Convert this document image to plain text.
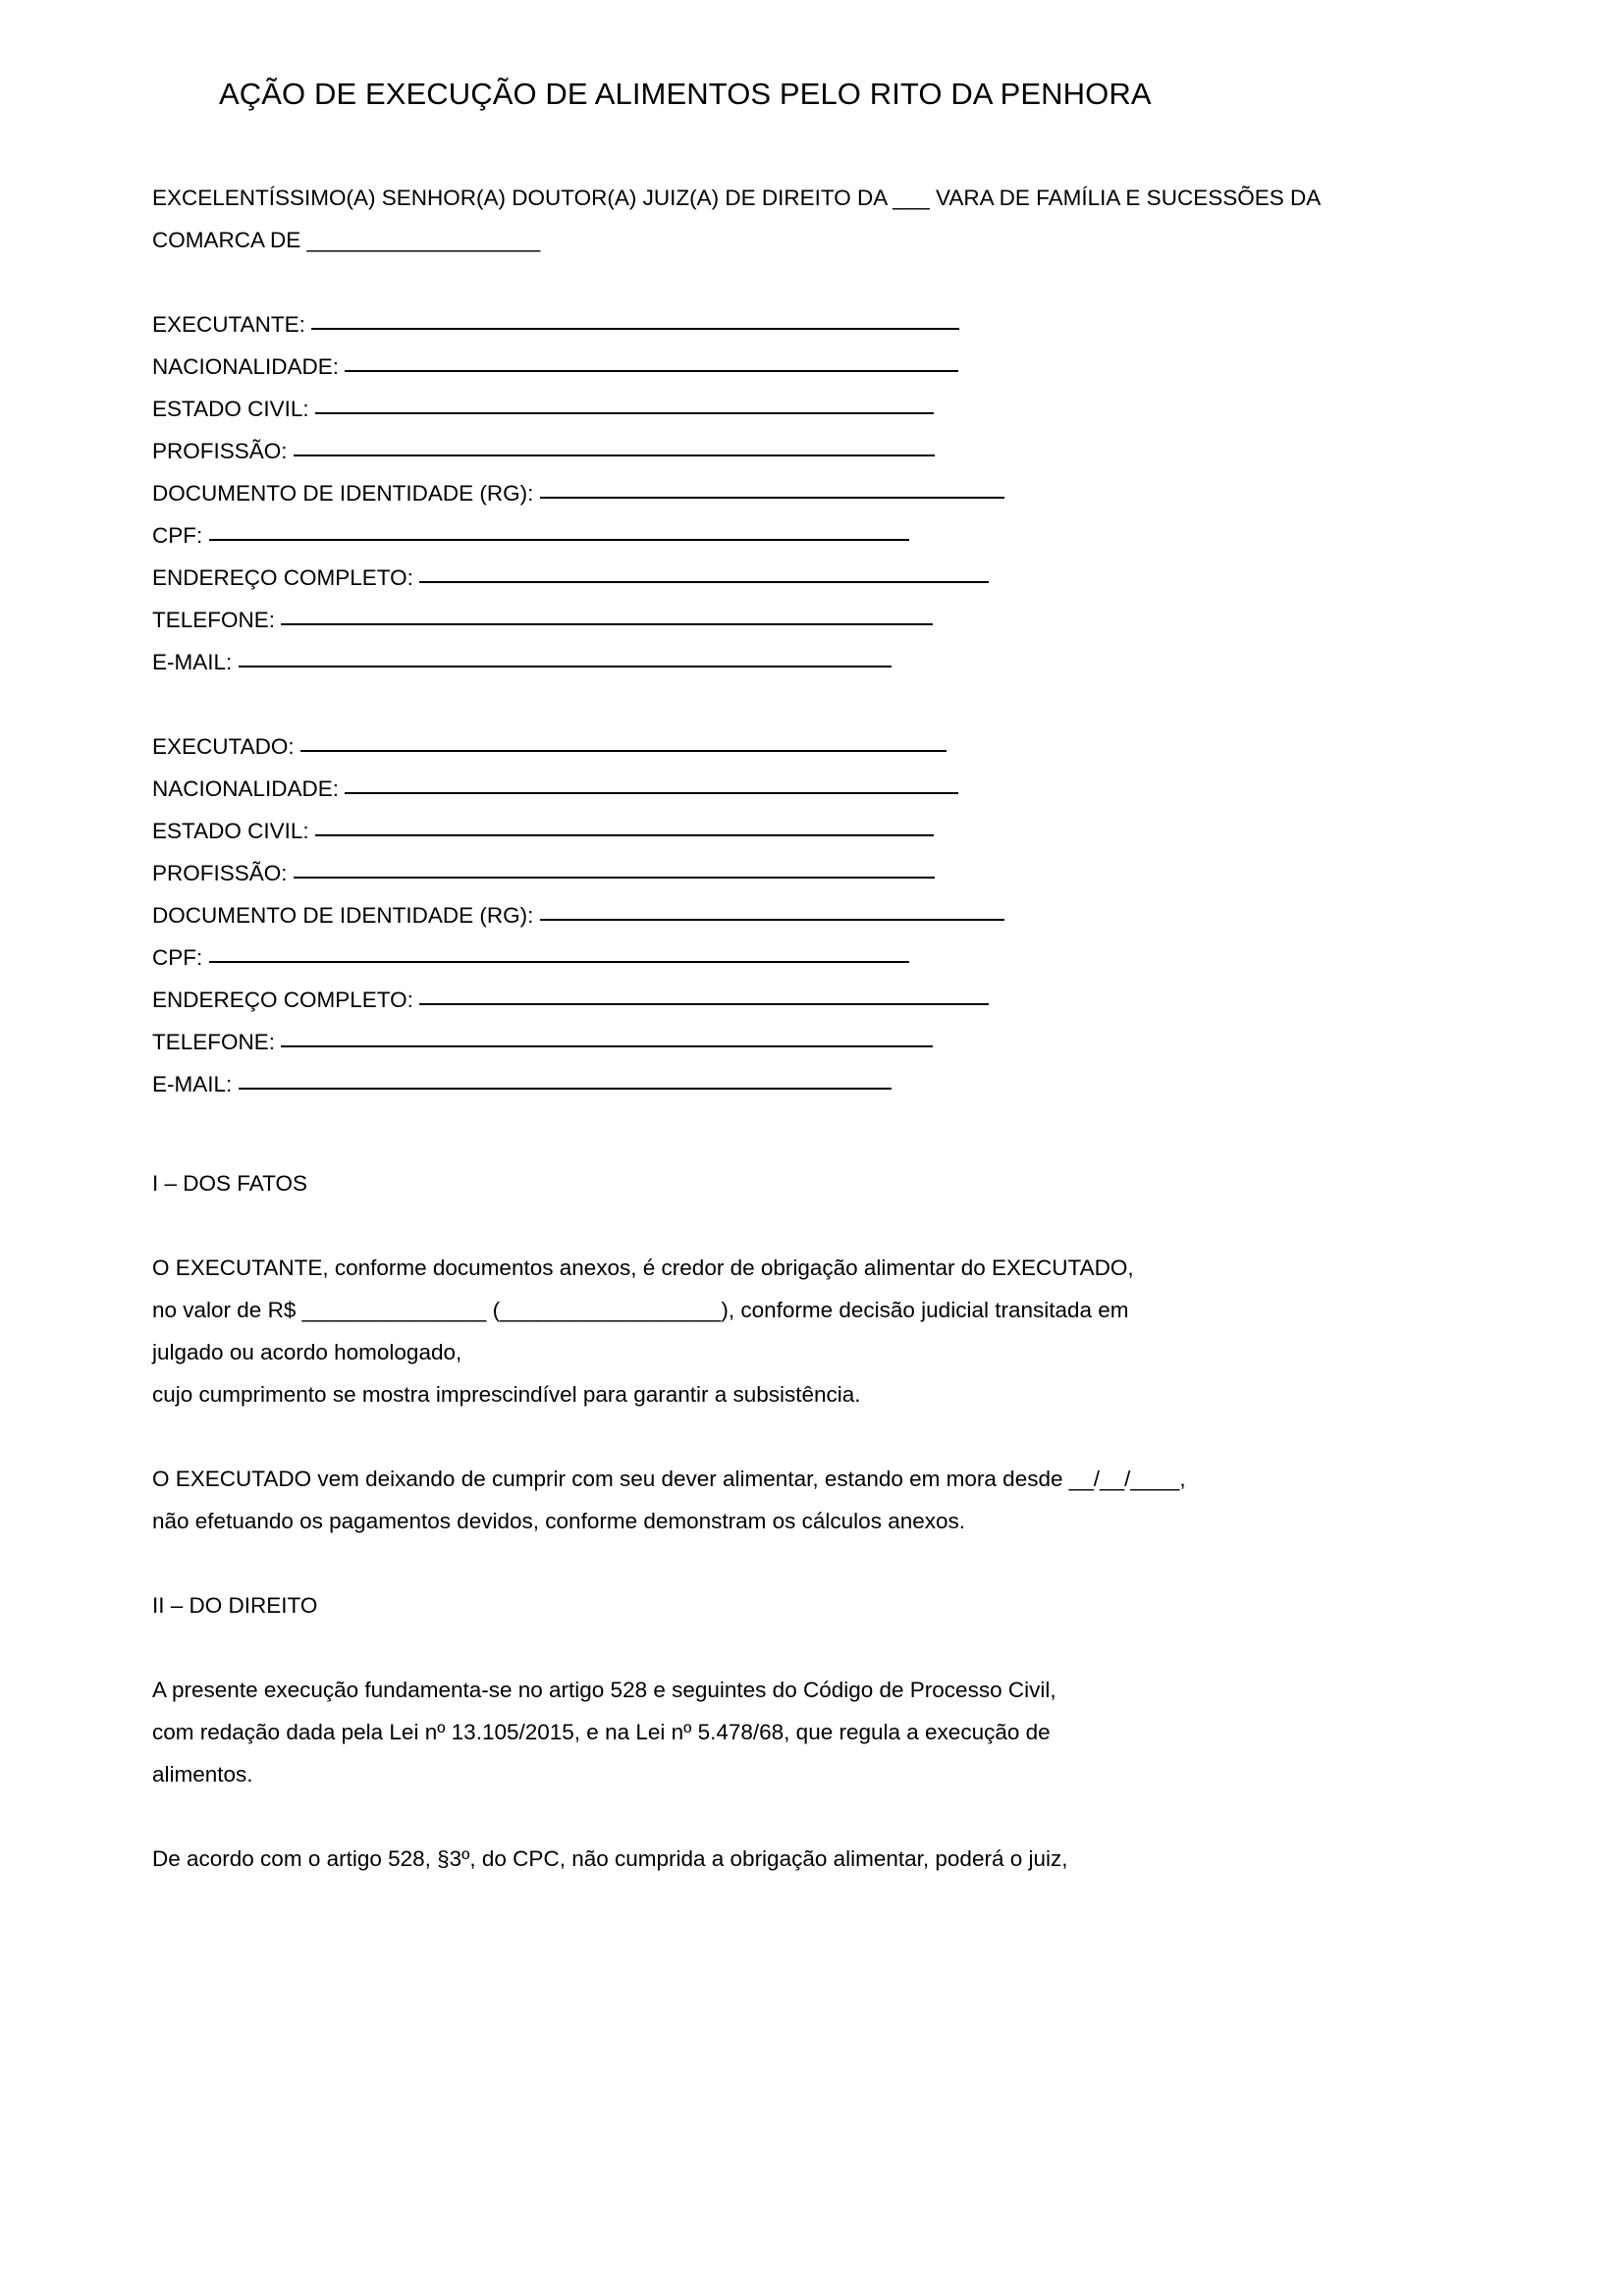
AÇÃO DE EXECUÇÃO DE ALIMENTOS PELO RITO DA PENHORA

EXCELENTÍSSIMO(A) SENHOR(A) DOUTOR(A) JUIZ(A) DE DIREITO DA ___ VARA DE FAMÍLIA E SUCESSÕES DA

COMARCA DE ___________________

EXECUTANTE:

NACIONALIDADE:

ESTADO CIVIL:

PROFISSÃO:

DOCUMENTO DE IDENTIDADE (RG):

CPF:

ENDEREÇO COMPLETO:

TELEFONE:

E-MAIL:

EXECUTADO:

NACIONALIDADE:

ESTADO CIVIL:

PROFISSÃO:

DOCUMENTO DE IDENTIDADE (RG):

CPF:

ENDEREÇO COMPLETO:

TELEFONE:

E-MAIL:

I – DOS FATOS

O EXECUTANTE, conforme documentos anexos, é credor de obrigação alimentar do EXECUTADO,

no valor de R$ _______________ (__________________), conforme decisão judicial transitada em

julgado ou acordo homologado,

cujo cumprimento se mostra imprescindível para garantir a subsistência.

O EXECUTADO vem deixando de cumprir com seu dever alimentar, estando em mora desde __/__/____,

não efetuando os pagamentos devidos, conforme demonstram os cálculos anexos.

II – DO DIREITO

A presente execução fundamenta-se no artigo 528 e seguintes do Código de Processo Civil,

com redação dada pela Lei nº 13.105/2015, e na Lei nº 5.478/68, que regula a execução de

alimentos.

De acordo com o artigo 528, §3º, do CPC, não cumprida a obrigação alimentar, poderá o juiz,
